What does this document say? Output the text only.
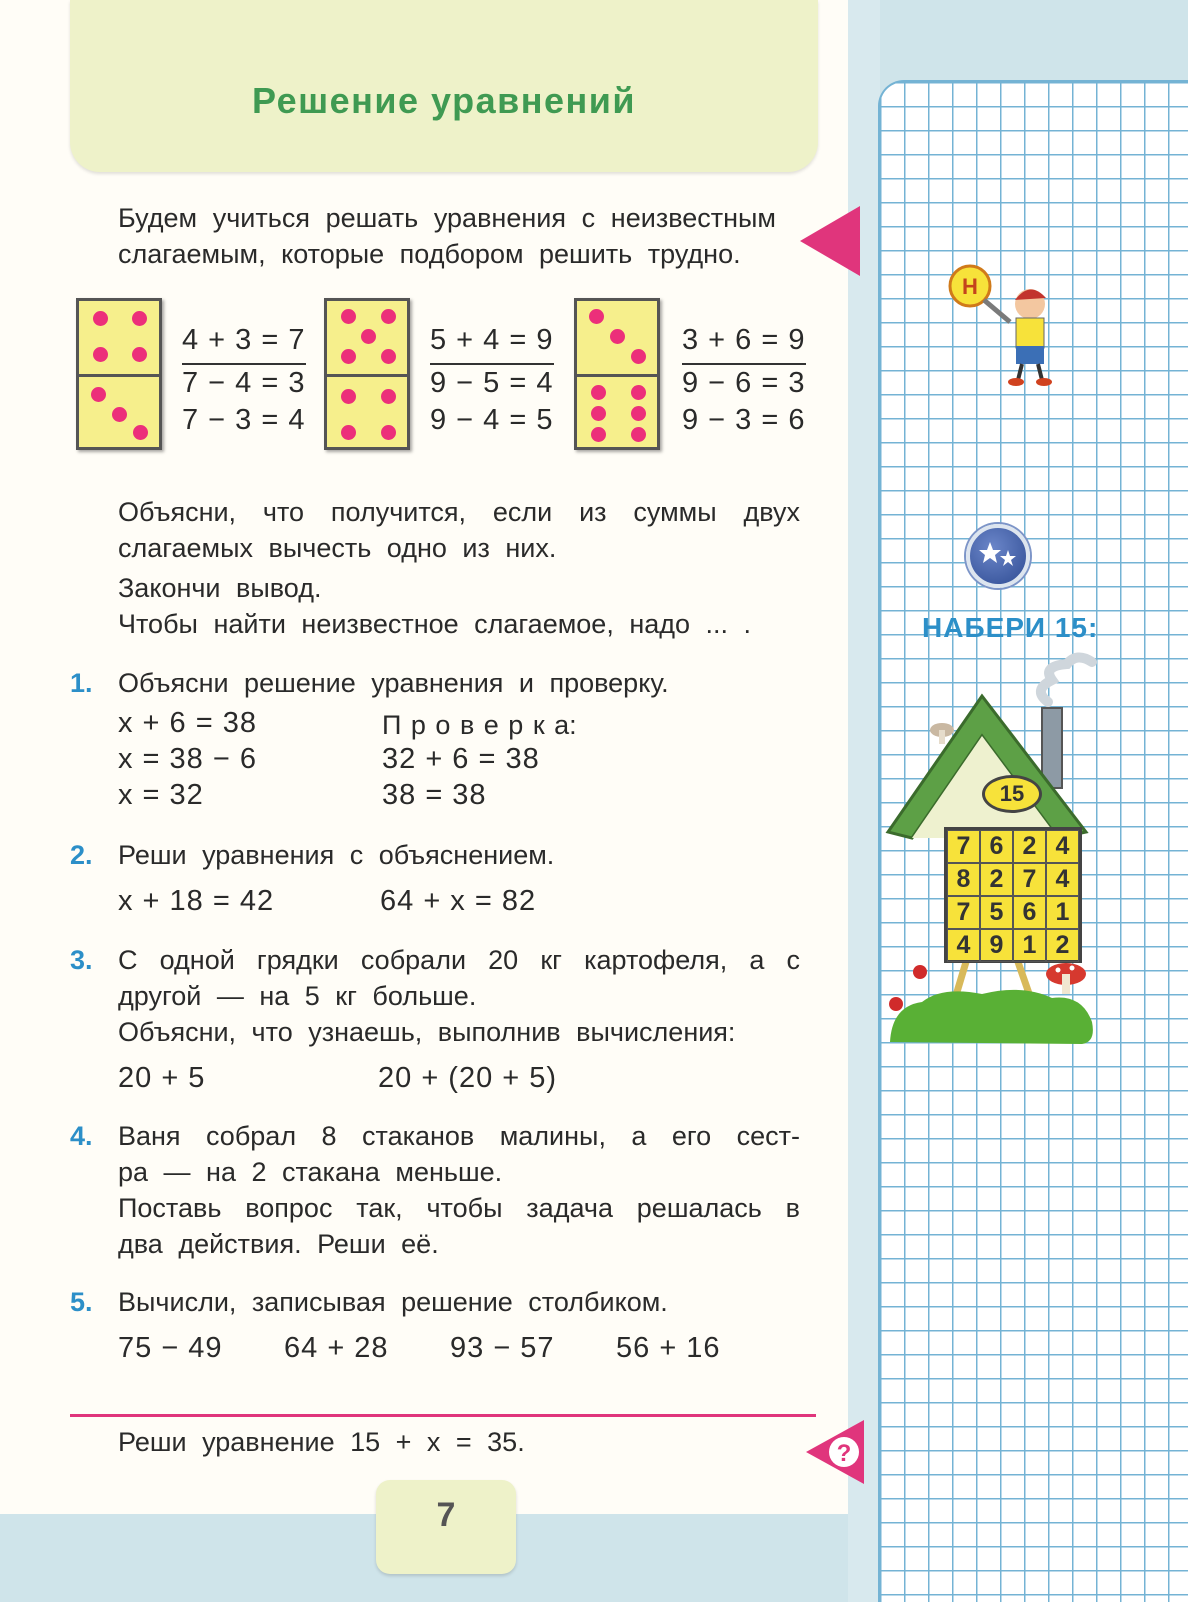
Решение уравнений
Будем учиться решать уравнения с неизвестным
слагаемым, которые подбором решить трудно.
4 + 3 = 7
7 − 4 = 3
7 − 3 = 4
5 + 4 = 9
9 − 5 = 4
9 − 4 = 5
3 + 6 = 9
9 − 6 = 3
9 − 3 = 6
Объясни, что получится, если из суммы двух
слагаемых вычесть одно из них.
Закончи вывод.
Чтобы найти неизвестное слагаемое, надо ... .
1. Объясни решение уравнения и проверку.
x + 6 = 38
x = 38 − 6
x = 32
П р о в е р к а:
32 + 6 = 38
38 = 38
2. Реши уравнения с объяснением.
x + 18 = 42	64 + x = 82
3. С одной грядки собрали 20 кг картофеля, а с
другой — на 5 кг больше.
Объясни, что узнаешь, выполнив вычисления:
20 + 5	20 + (20 + 5)
4. Ваня собрал 8 стаканов малины, а его сест-
ра — на 2 стакана меньше.
Поставь вопрос так, чтобы задача решалась в
два действия. Реши её.
5. Вычисли, записывая решение столбиком.
75 − 49 64 + 28 93 − 57 56 + 16
Реши уравнение 15 + x = 35.	?
Н
НАБЕРИ 15:
15
7 6 2 4
8 2 7 4
7 5 6 1
4 9 1 2
7
